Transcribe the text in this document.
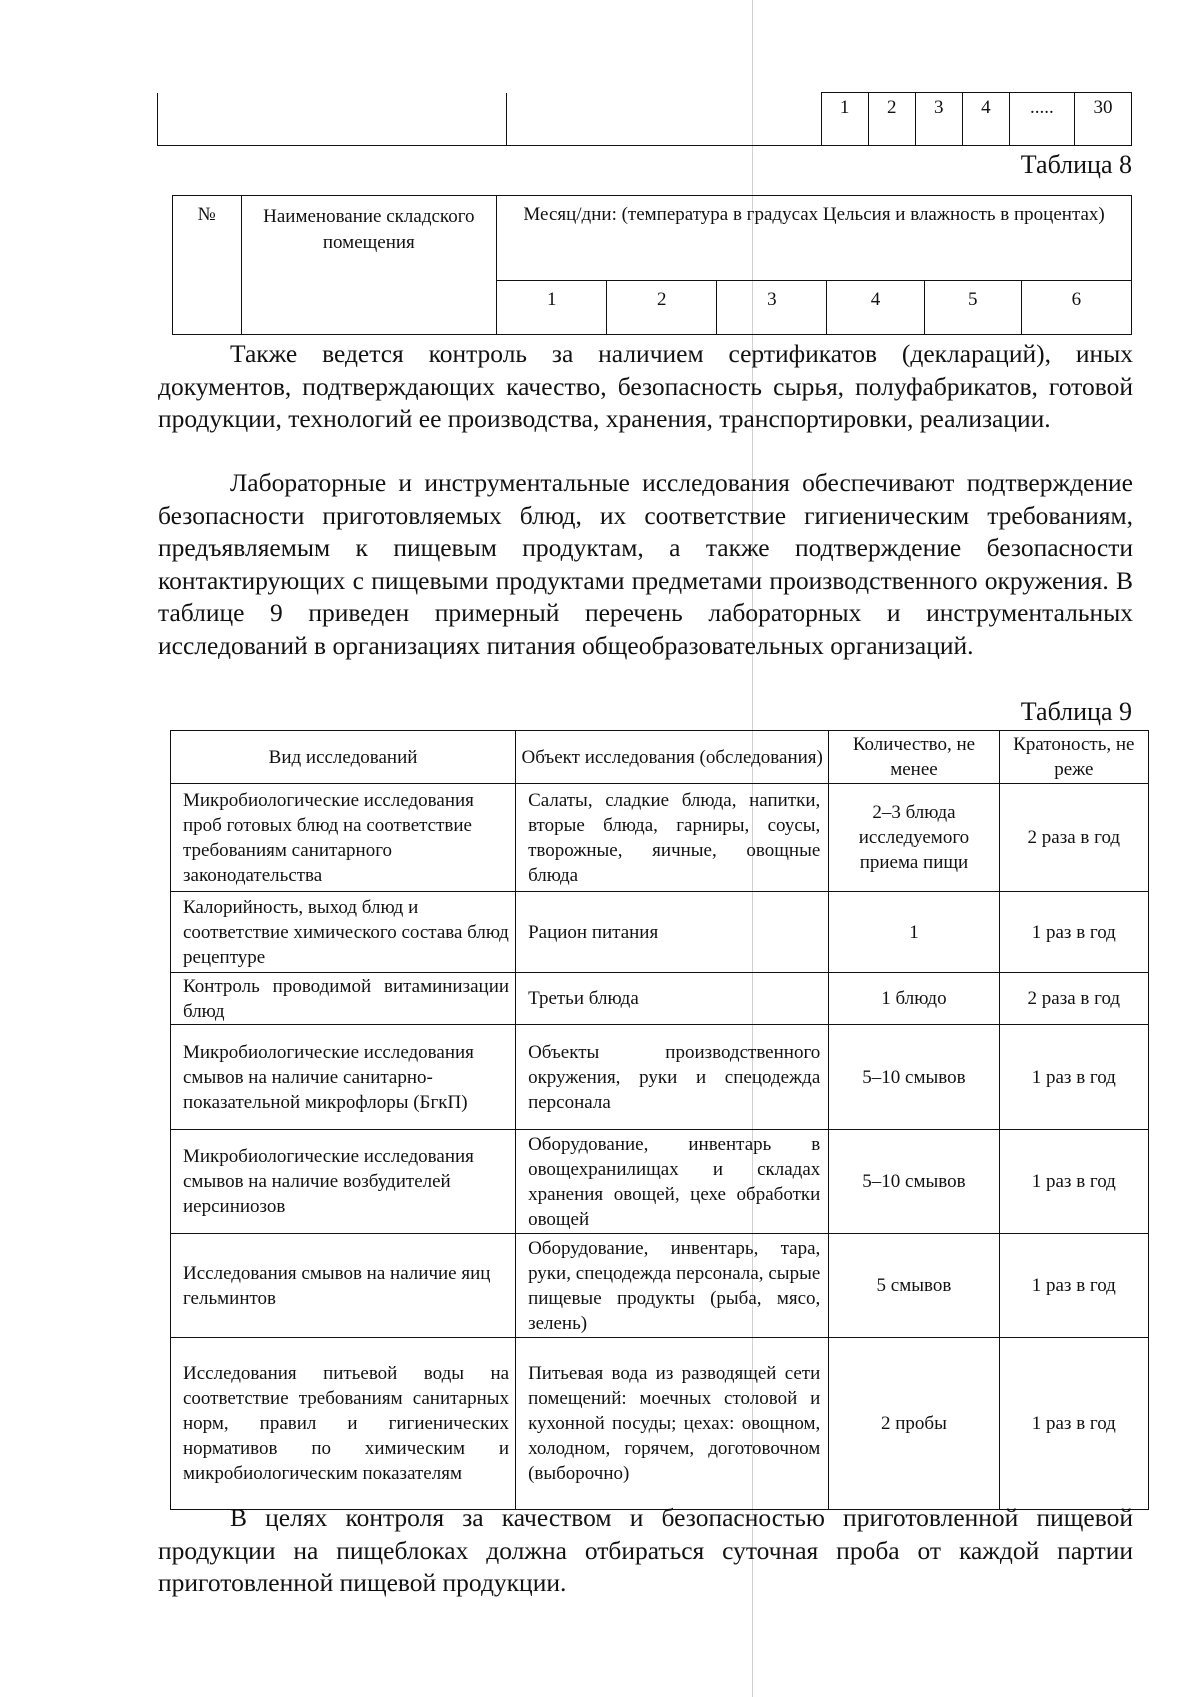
		1	2	3	4	.....	30
Таблица 8
№	Наименование складского помещения	Месяц/дни: (температура в градусах Цельсия и влажность в процентах)					
		1	2	3	4	5	6

Также ведется контроль за наличием сертификатов (деклараций), иных документов, подтверждающих качество, безопасность сырья, полуфабрикатов, готовой продукции, технологий ее производства, хранения, транспортировки, реализации.

Лабораторные и инструментальные исследования обеспечивают подтверждение безопасности приготовляемых блюд, их соответствие гигиеническим требованиям, предъявляемым к пищевым продуктам, а также подтверждение безопасности контактирующих с пищевыми продуктами предметами производственного окружения. В таблице 9 приведен примерный перечень лабораторных и инструментальных исследований в организациях питания общеобразовательных организаций.

Таблица 9
Вид исследований	Объект исследования (обследования)	Количество, не менее	Кратоность, не реже
Микробиологические исследования проб готовых блюд на соответствие требованиям санитарного законодательства	Салаты, сладкие блюда, напитки, вторые блюда, гарниры, соусы, творожные, яичные, овощные блюда	2–3 блюда исследуемого приема пищи	2 раза в год
Калорийность, выход блюд и соответствие химического состава блюд рецептуре	Рацион питания	1	1 раз в год
Контроль проводимой витаминизации блюд	Третьи блюда	1 блюдо	2 раза в год
Микробиологические исследования смывов на наличие санитарно-показательной микрофлоры (БгкП)	Объекты производственного окружения, руки и спецодежда персонала	5–10 смывов	1 раз в год
Микробиологические исследования смывов на наличие возбудителей иерсиниозов	Оборудование, инвентарь в овощехранилищах и складах хранения овощей, цехе обработки овощей	5–10 смывов	1 раз в год
Исследования смывов на наличие яиц гельминтов	Оборудование, инвентарь, тара, руки, спецодежда персонала, сырые пищевые продукты (рыба, мясо, зелень)	5 смывов	1 раз в год
Исследования питьевой воды на соответствие требованиям санитарных норм, правил и гигиенических нормативов по химическим и микробиологическим показателям	Питьевая вода из разводящей сети помещений: моечных столовой и кухонной посуды; цехах: овощном, холодном, горячем, доготовочном (выборочно)	2 пробы	1 раз в год

В целях контроля за качеством и безопасностью приготовленной пищевой продукции на пищеблоках должна отбираться суточная проба от каждой партии приготовленной пищевой продукции.
